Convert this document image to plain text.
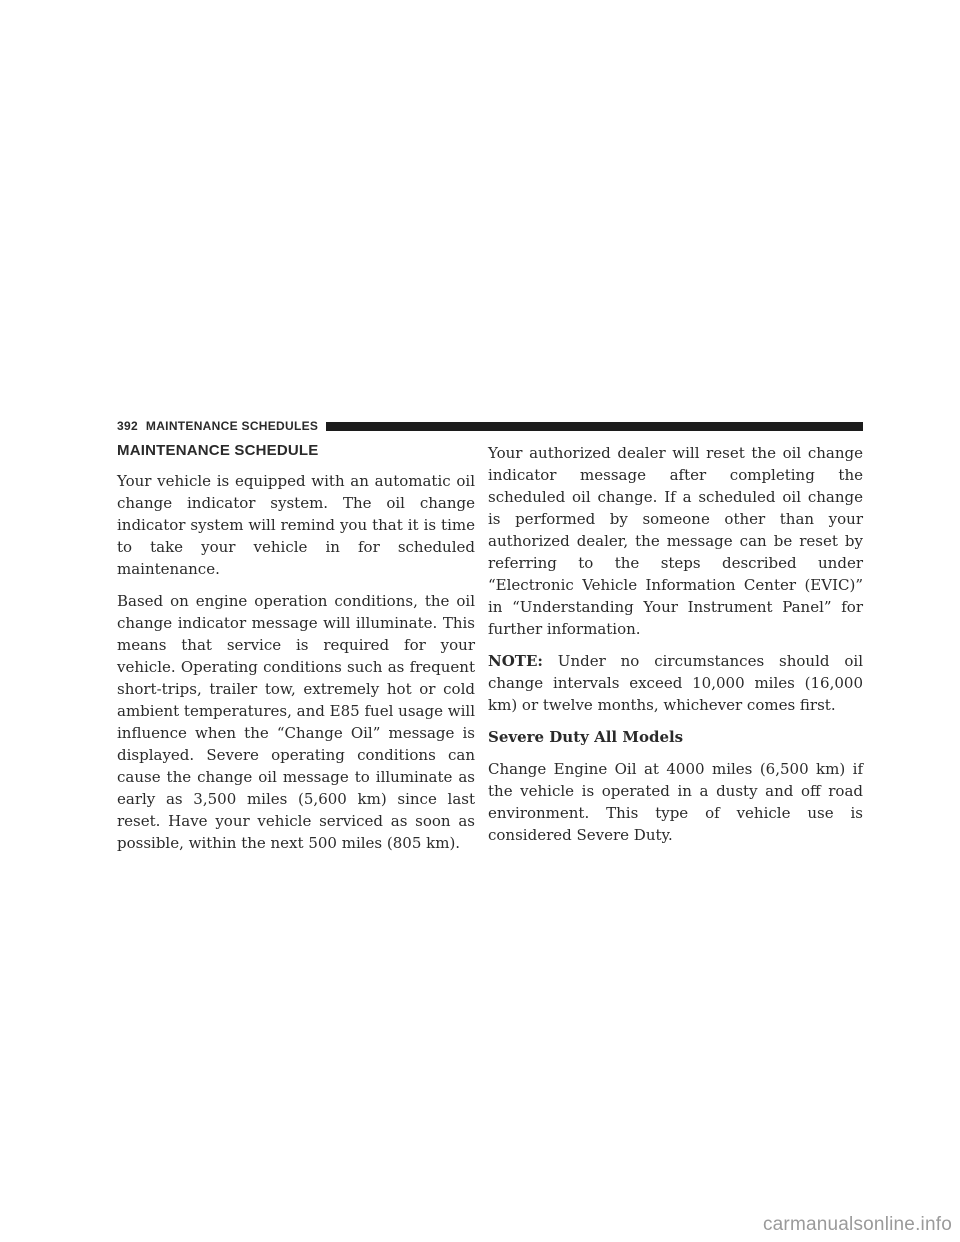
392 MAINTENANCE SCHEDULES
MAINTENANCE SCHEDULE

Your vehicle is equipped with an automatic oil change indicator system. The oil change indicator system will remind you that it is time to take your vehicle in for scheduled maintenance.

Based on engine operation conditions, the oil change indicator message will illuminate. This means that service is required for your vehicle. Operating conditions such as frequent short-trips, trailer tow, extremely hot or cold ambient temperatures, and E85 fuel usage will influence when the “Change Oil” message is displayed. Severe operating conditions can cause the change oil message to illuminate as early as 3,500 miles (5,600 km) since last reset. Have your vehicle serviced as soon as possible, within the next 500 miles (805 km).

Your authorized dealer will reset the oil change indicator message after completing the scheduled oil change. If a scheduled oil change is performed by someone other than your authorized dealer, the message can be reset by referring to the steps described under “Electronic Vehicle Information Center (EVIC)” in “Understanding Your Instrument Panel” for further information.

NOTE: Under no circumstances should oil change intervals exceed 10,000 miles (16,000 km) or twelve months, whichever comes first.

Severe Duty All Models

Change Engine Oil at 4000 miles (6,500 km) if the vehicle is operated in a dusty and off road environment. This type of vehicle use is considered Severe Duty.

carmanualsonline.info
